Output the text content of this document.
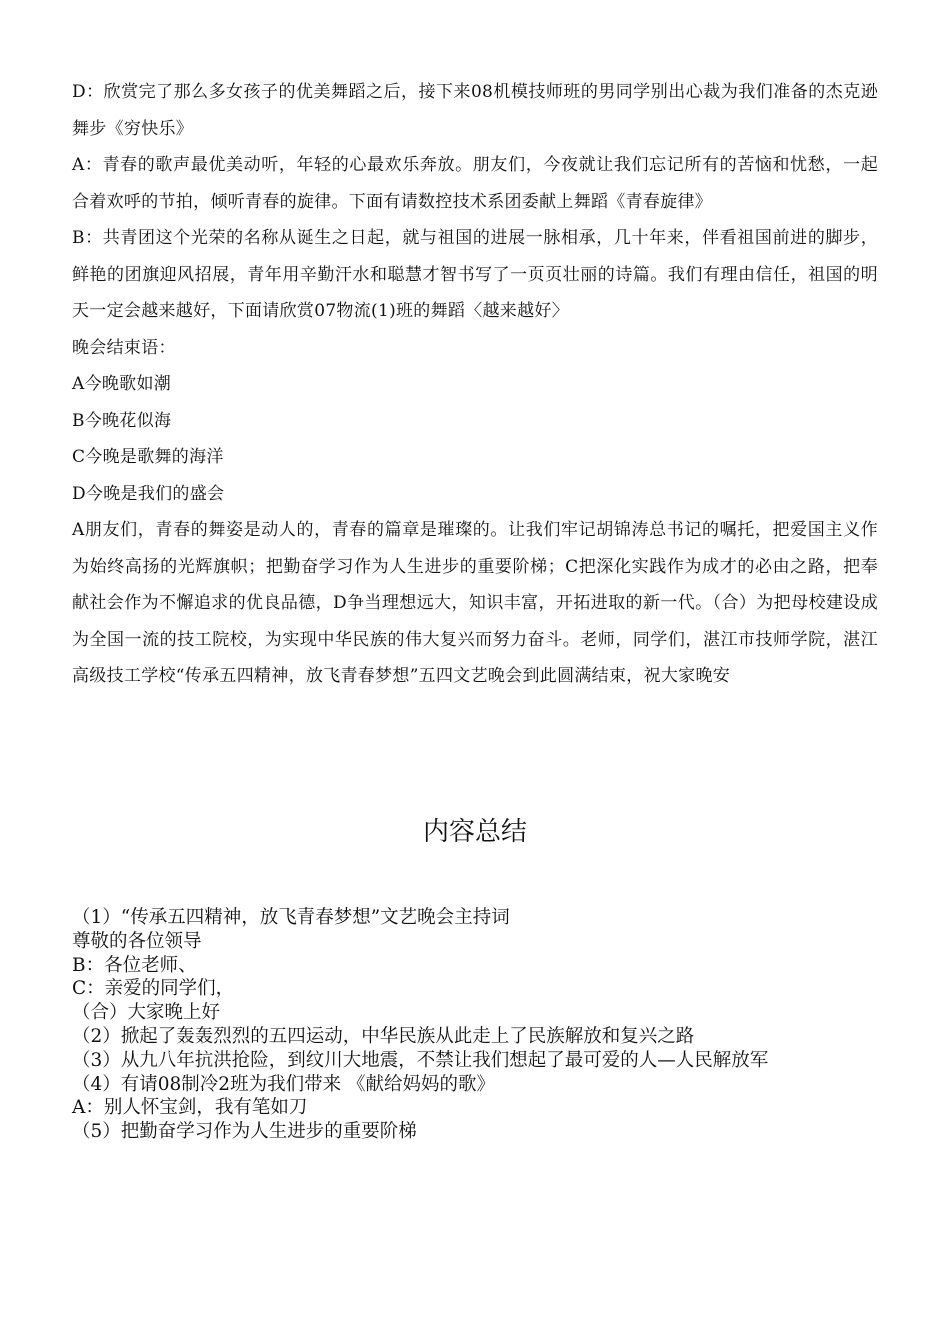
D：欣赏完了那么多女孩子的优美舞蹈之后，接下来08机模技师班的男同学别出心裁为我们准备的杰克逊舞步《穷快乐》

A：青春的歌声最优美动听，年轻的心最欢乐奔放。朋友们，今夜就让我们忘记所有的苦恼和忧愁，一起合着欢呼的节拍，倾听青春的旋律。下面有请数控技术系团委献上舞蹈《青春旋律》

B：共青团这个光荣的名称从诞生之日起，就与祖国的进展一脉相承，几十年来，伴看祖国前进的脚步，鲜艳的团旗迎风招展，青年用辛勤汗水和聪慧才智书写了一页页壮丽的诗篇。我们有理由信任，祖国的明天一定会越来越好，下面请欣赏07物流(1)班的舞蹈〈越来越好〉

晚会结束语：

A今晚歌如潮

B今晚花似海

C今晚是歌舞的海洋

D今晚是我们的盛会

A朋友们，青春的舞姿是动人的，青春的篇章是璀璨的。让我们牢记胡锦涛总书记的嘱托，把爱国主义作为始终高扬的光辉旗帜；把勤奋学习作为人生进步的重要阶梯；C把深化实践作为成才的必由之路，把奉献社会作为不懈追求的优良品德，D争当理想远大，知识丰富，开拓进取的新一代。（合）为把母校建设成为全国一流的技工院校，为实现中华民族的伟大复兴而努力奋斗。老师，同学们，湛江市技师学院，湛江高级技工学校“传承五四精神，放飞青春梦想”五四文艺晚会到此圆满结束，祝大家晚安

内容总结
（1）“传承五四精神，放飞青春梦想”文艺晚会主持词
尊敬的各位领导
B：各位老师、
C：亲爱的同学们，
（合）大家晚上好
（2）掀起了轰轰烈烈的五四运动，中华民族从此走上了民族解放和复兴之路
（3）从九八年抗洪抢险，到纹川大地震，不禁让我们想起了最可爱的人—人民解放军
（4）有请08制冷2班为我们带来 《献给妈妈的歌》
A：别人怀宝剑，我有笔如刀
（5）把勤奋学习作为人生进步的重要阶梯
